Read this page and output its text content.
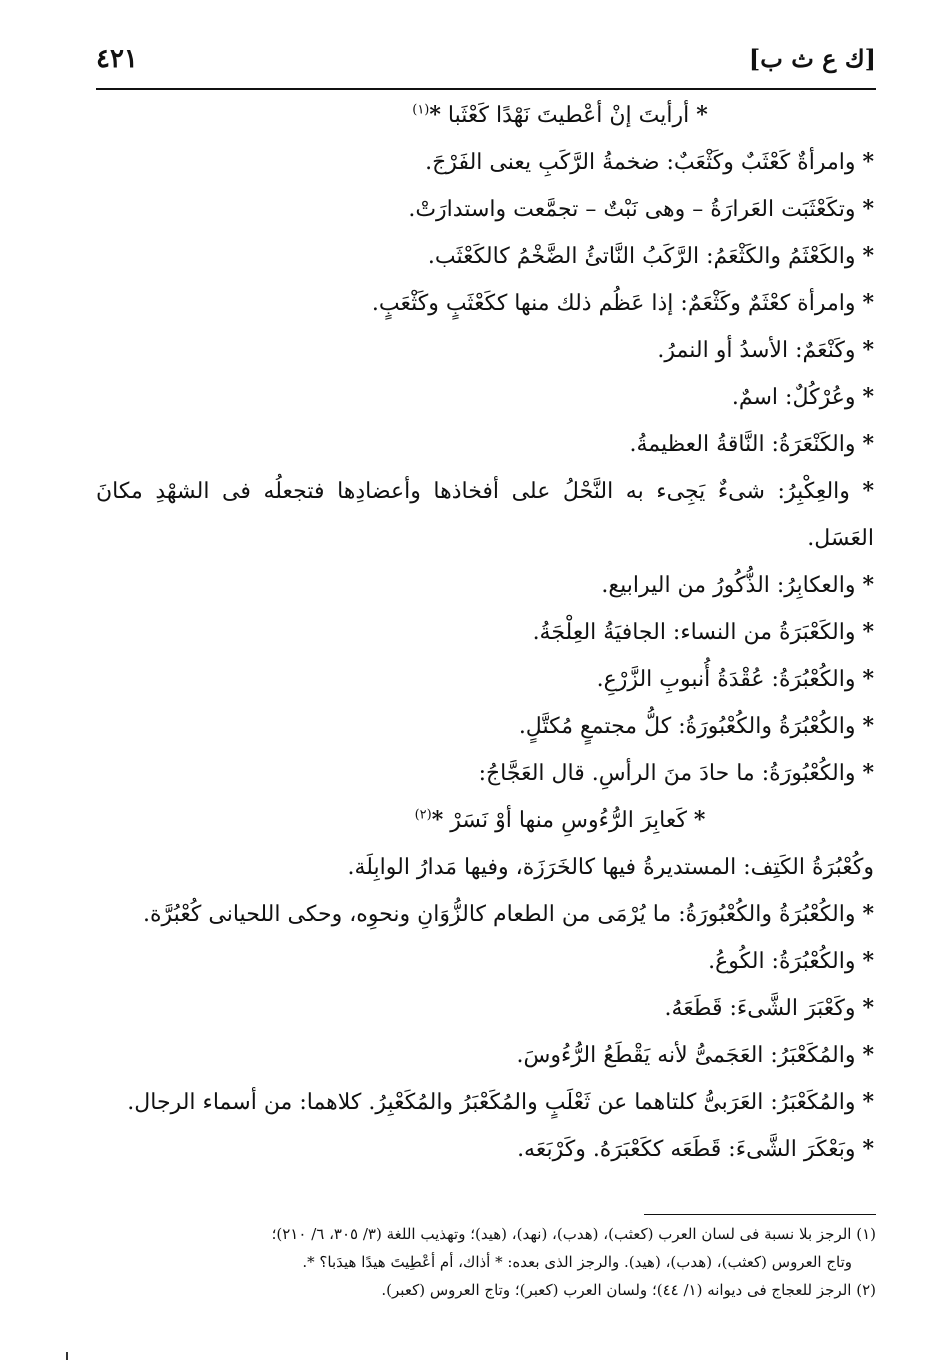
[ك ع ث ب]
٤٢١

* أرأيتَ إنْ أعْطيتَ نَهْدًا كَعْثَبا *$^{(١)}$

* وامرأةٌ كَعْثَبٌ وكَثْعَبٌ: ضخمةُ الرَّكَبِ يعنى الفَرْجَ.

* وتكَعْثَبَت العَرارَةُ – وهى نَبْتٌ – تجمَّعت واستدارَتْ.

* والكَعْثَمُ والكَثْعَمُ: الرَّكَبُ النَّاتئُ الضَّخْمُ كالكَعْثَب.

* وامرأة كعْثَمٌ وكَثْعَمٌ: إذا عَظُم ذلك منها ككَعْثَبٍ وكَثْعَبٍ.

* وكَنْعَمٌ: الأسدُ أو النمرُ.

* وعُرْكُلٌ: اسمٌ.

* والكَنْعَرَةُ: النَّاقةُ العظيمةُ.

* والعِكْبِرُ: شىءٌ يَجِىء به النَّحْلُ على أفخاذها وأعضادِها فتجعلُه فى الشهْدِ مكانَ العَسَل.

* والعكابِرُ: الذُّكُورُ من اليرابيع.

* والكَعْبَرَةُ من النساء: الجافيَةُ العِلْجَةُ.

* والكُعْبُرَةُ: عُقْدَةُ أُنبوبِ الزَّرْعِ.

* والكُعْبُرَةُ والكُعْبُورَةُ: كلُّ مجتمعٍ مُكتَّلٍ.

* والكُعْبُورَةُ: ما حادَ منَ الرأسِ. قال العَجَّاجُ:

* كَعابِرَ الرُّءُوسِ منها أوْ نَسَرْ *$^{(٢)}$

وكُعْبُرَةُ الكَتِف: المستديرةُ فيها كالخَرَزَة، وفيها مَدارُ الوابِلَة.

* والكُعْبُرَةُ والكُعْبُورَةُ: ما يُرْمَى من الطعام كالزُّوَانِ ونحوِه، وحكى اللحيانى كُعْبُرَّة.

* والكُعْبُرَةُ: الكُوعُ.

* وكَعْبَرَ الشَّىءَ: قَطَعَهُ.

* والمُكَعْبَرُ: العَجَمىُّ لأنه يَقْطَعُ الرُّءُوسَ.

* والمُكَعْبَرُ: العَرَبىُّ كلتاهما عن ثَعْلَبٍ والمُكَعْبَرُ والمُكَعْبِرُ. كلاهما: من أسماء الرجال.

* وبَعْكَرَ الشَّىءَ: قَطَعَه ككَعْبَرَهُ. وكَرْبَعَه.

(١) الرجز بلا نسبة فى لسان العرب (كعثب)، (هدب)، (نهد)، (هيد)؛ وتهذيب اللغة (٣/ ٣٠٥، ٦/ ٢١٠)؛

وتاج العروس (كعثب)، (هدب)، (هيد). والرجز الذى بعده: * أذاك، أم أعْطِيتَ هيدًا هيدَبا؟ *.

(٢) الرجز للعجاج فى ديوانه (١/ ٤٤)؛ ولسان العرب (كعبر)؛ وتاج العروس (كعبر).
